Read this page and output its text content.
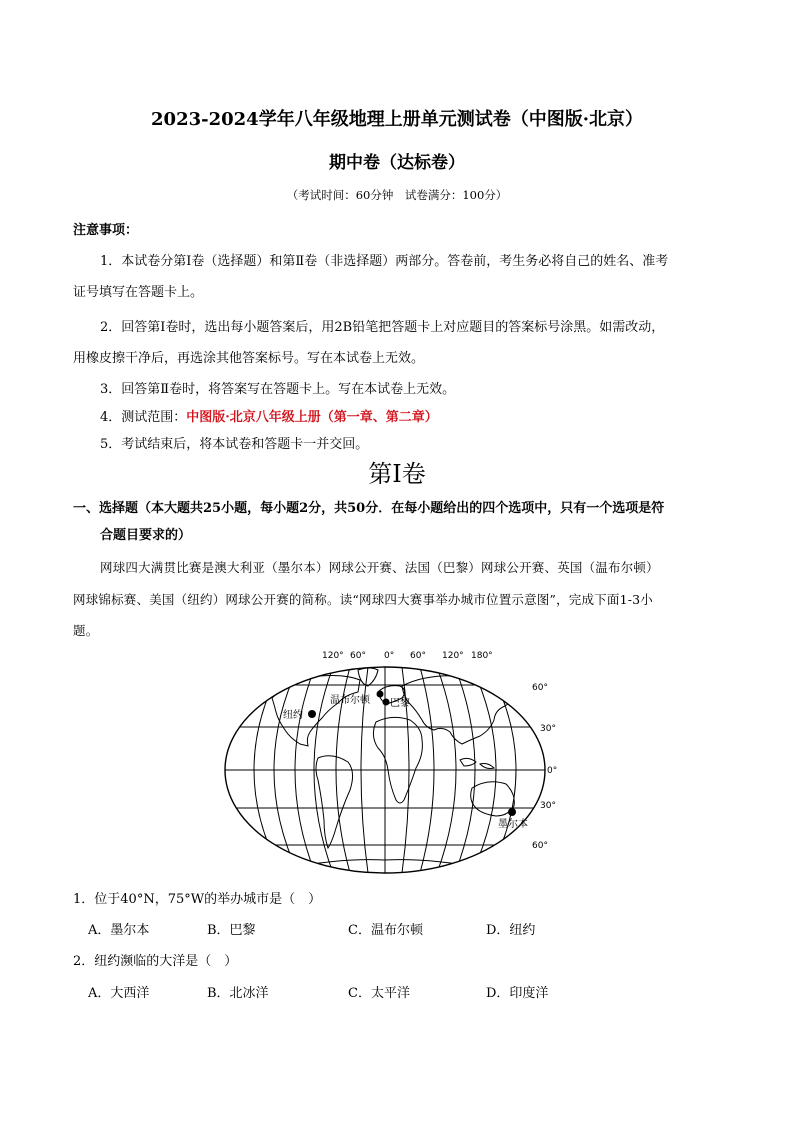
2023-2024学年八年级地理上册单元测试卷（中图版·北京）
期中卷（达标卷）
（考试时间：60分钟　试卷满分：100分）
注意事项：
1．本试卷分第Ⅰ卷（选择题）和第Ⅱ卷（非选择题）两部分。答卷前，考生务必将自己的姓名、准考
证号填写在答题卡上。
2．回答第Ⅰ卷时，选出每小题答案后，用2B铅笔把答题卡上对应题目的答案标号涂黑。如需改动，
用橡皮擦干净后，再选涂其他答案标号。写在本试卷上无效。
3．回答第Ⅱ卷时，将答案写在答题卡上。写在本试卷上无效。
4．测试范围：中图版·北京八年级上册（第一章、第二章）
5．考试结束后，将本试卷和答题卡一并交回。
第I卷
一、选择题（本大题共25小题，每小题2分，共50分．在每小题给出的四个选项中，只有一个选项是符
合题目要求的）
网球四大满贯比赛是澳大利亚（墨尔本）网球公开赛、法国（巴黎）网球公开赛、英国（温布尔顿）
网球锦标赛、美国（纽约）网球公开赛的简称。读“网球四大赛事举办城市位置示意图”，完成下面1-3小
题。
120° 60° 0° 60° 120° 180°
60°
30°
0°
30°
60°
纽约
温布尔顿 巴黎
墨尔本
1．位于40°N，75°W的举办城市是（　）
A．墨尔本	B．巴黎	C．温布尔顿	D．纽约
2．纽约濒临的大洋是（　）
A．大西洋	B．北冰洋	C．太平洋	D．印度洋
